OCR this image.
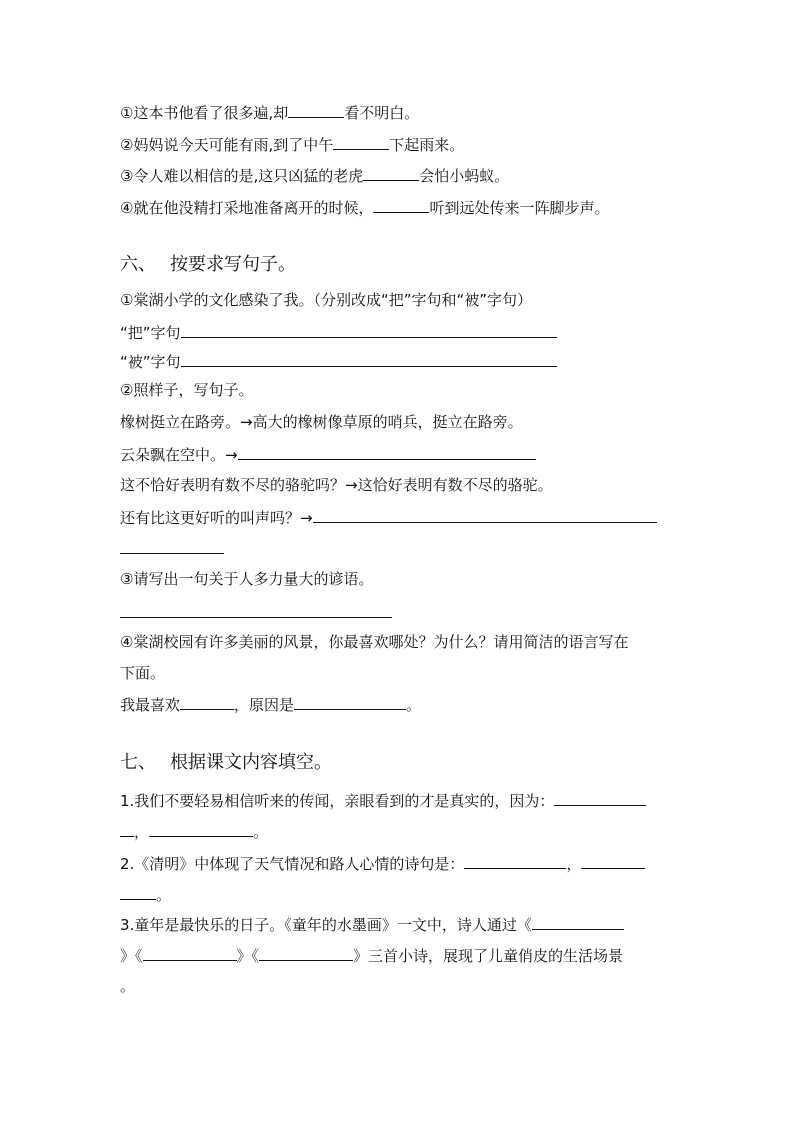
①这本书他看了很多遍,却	看不明白。
②妈妈说今天可能有雨,到了中午	下起雨来。
③令人难以相信的是,这只凶猛的老虎	会怕小蚂蚁。
④就在他没精打采地准备离开的时候，	听到远处传来一阵脚步声。
六、 按要求写句子。
①棠湖小学的文化感染了我。（分别改成“把”字句和“被”字句）
“把”字句
“被”字句
②照样子，写句子。
橡树挺立在路旁。→高大的橡树像草原的哨兵，挺立在路旁。
云朵飘在空中。→
这不恰好表明有数不尽的骆驼吗？→这恰好表明有数不尽的骆驼。
还有比这更好听的叫声吗？→
③请写出一句关于人多力量大的谚语。
④棠湖校园有许多美丽的风景，你最喜欢哪处？为什么？请用简洁的语言写在
下面。
我最喜欢	，原因是	。
七、 根据课文内容填空。
1.我们不要轻易相信听来的传闻，亲眼看到的才是真实的，因为：
，	。
2.《清明》中体现了天气情况和路人心情的诗句是：	，
。
3.童年是最快乐的日子。《童年的水墨画》一文中，诗人通过《
》《	》《	》三首小诗，展现了儿童俏皮的生活场景
。
